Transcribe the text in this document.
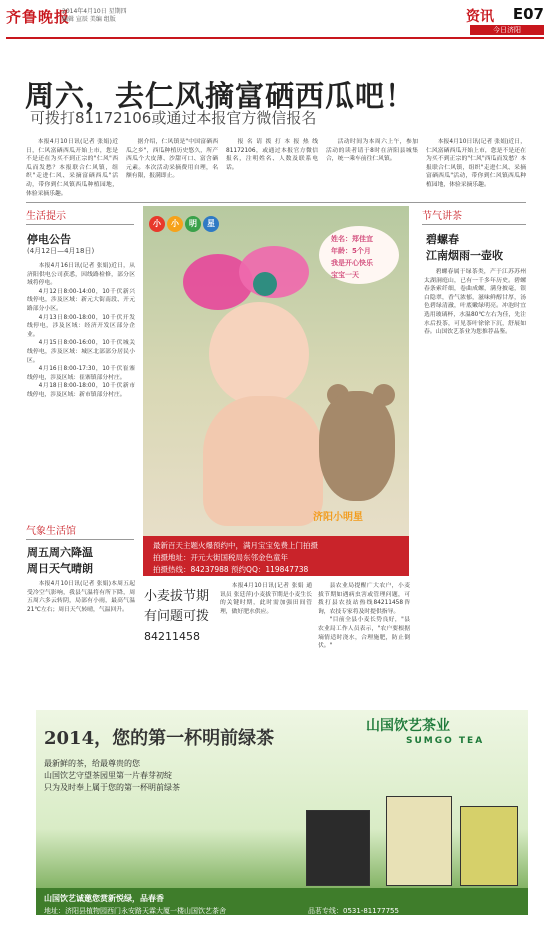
齐鲁晚报
2014年4月10日 星期四
编辑 宣辰 美编 组版	资讯 E07
今日济阳
周六，去仁风摘富硒西瓜吧！
可拨打81172106或通过本报官方微信报名

本报4月10日讯(记者 张娟)近日，仁风富硒西瓜开始上市，您是不是还在为买不到正宗的"仁风"西瓜而发愁？本报联合仁风镇，组织"走进仁风、采摘富硒西瓜"活动，带你到仁风镇西瓜种植园地，体验采摘乐趣。

据介绍，仁风镇是"中国富硒西瓜之乡"，西瓜种植历史悠久，所产西瓜个大皮薄、沙甜可口、富含硒元素。本次活动采摘费用自理，名额有限，报满即止。

报名请拨打本报热线81172106，或通过本报官方微信报名，注明姓名、人数及联系电话。

活动时间为本周六上午，参加活动的读者请于8时在济阳县城集合，统一乘车前往仁风镇。

本报4月10日讯(记者 张娟)近日，仁风富硒西瓜开始上市，您是不是还在为买不到正宗的"仁风"西瓜而发愁？本报联合仁风镇，组织"走进仁风、采摘富硒西瓜"活动，带你到仁风镇西瓜种植园地，体验采摘乐趣。

生活提示
停电公告
(4月12日—4月18日)

本报4月16日讯(记者 张娟)近日，从济阳供电公司获悉，因线路检修，部分区域将停电。

4月12日8:00-14:00，10千伏新兴线停电，涉及区域：新元大街南段、开元路部分小区。

4月13日8:00-18:00，10千伏开发线停电，涉及区域：经济开发区部分企业。

4月15日8:00-16:00，10千伏城关线停电，涉及区域：城区北部部分居民小区。

4月16日8:00-17:30，10千伏崔寨线停电，涉及区域：崔寨镇部分村庄。

4月18日8:00-18:00，10千伏新市线停电，涉及区域：新市镇部分村庄。

气象生活馆
周五周六降温
周日天气晴朗

本报4月10日讯(记者 张娟)本周五起受冷空气影响，我县气温将有所下降，周五周六多云转阴，局部有小雨，最高气温21℃左右；周日天气转晴，气温回升。

小	小	明	星
姓名：郑佳宜
年龄：5个月
我是开心快乐
宝宝一天
济阳小明星
最新百天主题火爆预约中，满月宝宝免费上门拍摄
拍摄地址：开元大街国税局东邻金色童年
拍摄热线：84237988 预约QQ：119847738
小麦拔节期
有问题可拨
84211458

本报4月10日讯(记者 张娟 通讯员 张廷萍)小麦拔节期是小麦生长的关键时期，此时需加强田间管理，做好肥水供应。

县农业局提醒广大农户，小麦拔节期如遇病虫害或管理问题，可拨打县农技站热线84211458咨询，农技专家将及时提供指导。

"目前全县小麦长势良好，"县农业局工作人员表示，"农户要根据墒情适时浇水，合理施肥，防止倒伏。"

节气讲茶
碧螺春
江南烟雨一壶收

碧螺春属于绿茶类，产于江苏苏州太湖洞庭山，已有一千多年历史。碧螺春条索纤细，卷曲成螺，满身披毫，银白隐翠，香气浓郁，滋味鲜醇甘厚，汤色碧绿清澈，叶底嫩绿明亮。冲泡时宜选用玻璃杯，水温80℃左右为佳，先注水后投茶，可见茶叶徐徐下沉，舒展如春。山国饮艺茶业为您推荐品鉴。

2014，您的第一杯明前绿茶
最新鲜的茶，给最尊贵的您
山国饮艺守望茶园里第一片春芽初绽
只为及时奉上属于您的第一杯明前绿茶
山国饮艺茶业
SUMGO TEA
山国饮艺诚邀您赏新悦绿，品春香
地址：济阳县植物园西门永安路天霖大厦一楼山国饮艺茶舍	品茗专线：0531-81177755
